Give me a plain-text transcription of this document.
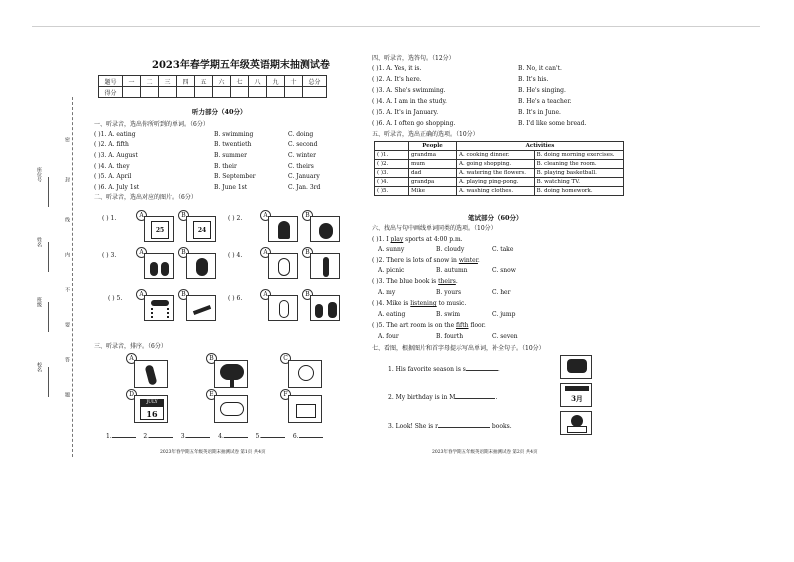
座位号
姓名
班级
校名
密
封
线
内
不
要
答
题
2023年春学期五年级英语期末抽测试卷
题号	一	二	三	四	五	六	七	八	九	十	总分
得分											
听力部分（40分）
一、听录音，选出你所听到的单词。（6分）
( )1. A. eating	B. swimming	C. doing
( )2. A. fifth	B. twentieth	C. second
( )3. A. August	B. summer	C. winter
( )4. A. they	B. their	C. theirs
( )5. A. April	B. September	C. January
( )6. A. July 1st	B. June 1st	C. Jan. 3rd
二、听录音，选出对应的图片。（6分）
( ) 1.	A
25
B
24
( ) 2.	A	B
( ) 3.	A	B	( ) 4.	A	B
( ) 5.
A	B
( ) 6.
A	B
三、听录音，排序。（6分）
A	B	C
D
JULY
16
E	F
1.	2.	3.	4.	5.	6.
2023年春学期五年级英语期末抽测试卷 第1页 共4页
四、听录音，选答句。（12分）
( )1. A. Yes, it is.	B. No, it can't.
( )2. A. It's here.	B. It's his.
( )3. A. She's swimming.	B. He's singing.
( )4. A. I am in the study.	B. He's a teacher.
( )5. A. It's in January.	B. It's in June.
( )6. A. I often go shopping.	B. I'd like some bread.
五、听录音，选出正确的选项。（10分）
	People	Activities	
( )1.	grandma	A. cooking dinner.	B. doing morning exercises.
( )2.	mum	A. going shopping.	B. cleaning the room.
( )3.	dad	A. watering the flowers.	B. playing basketball.
( )4.	grandpa	A. playing ping-pong.	B. watching TV.
( )5.	Mike	A. washing clothes.	B. doing homework.
笔试部分（60分）
六、找出与句中画线单词同类的选项。（10分）
( )1. I play sports at 4:00 p.m.
A. sunny	B. cloudy	C. take
( )2. There is lots of snow in winter.
A. picnic	B. autumn	C. snow
( )3. The blue book is theirs.
A. my	B. yours	C. her
( )4. Mike is listening to music.
A. eating	B. swim	C. jump
( )5. The art room is on the fifth floor.
A. four	B. fourth	C. seven
七、看图，根据图片和首字母提示写出单词，补全句子。（10分）
1. His favorite season is s	.
2. My birthday is in M	.	3月
3. Look! She is r	books.
2023年春学期五年级英语期末抽测试卷 第2页 共4页
